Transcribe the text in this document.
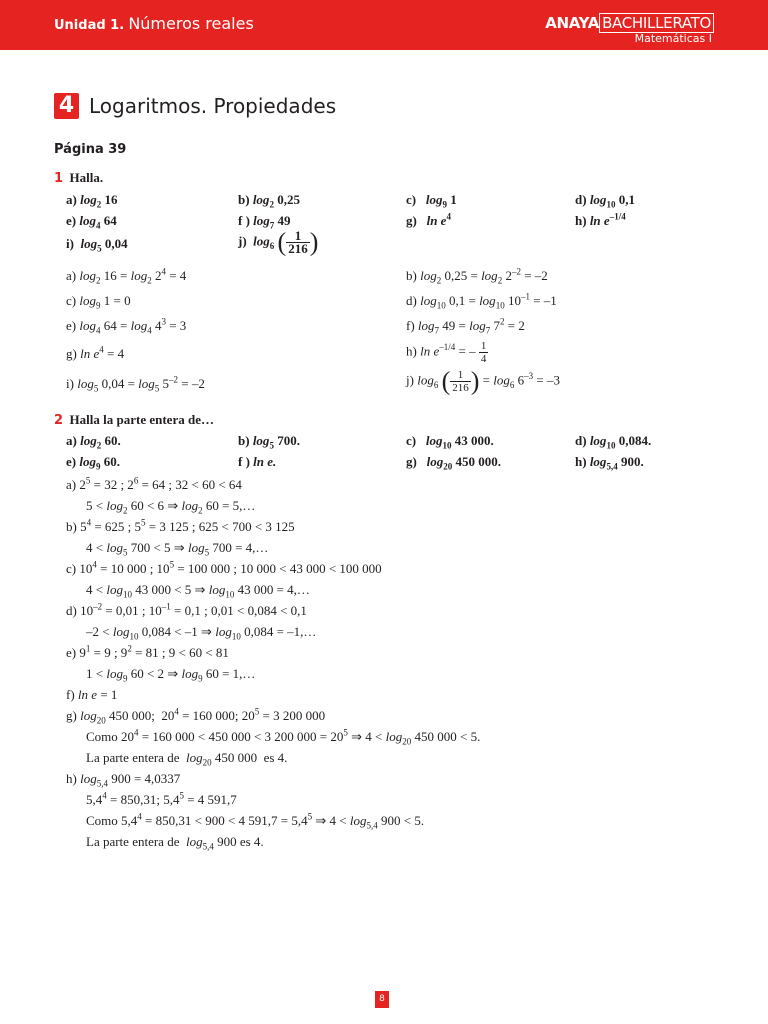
Unidad 1. Números reales	ANAYA BACHILLERATO
Matemáticas I
4 Logaritmos. Propiedades
Página 39
1 Halla.
a) $\log_2 16$	b) $\log_2 0,25$	c)   $\log_9 1$	d) $\log_{10} 0,1$
e) $\log_4 64$	f ) $\log_7 49$	g)   $\ln e^4$	h) $\ln e^{-1/4}$
i)  $\log_5 0,04$	j)  $\log_6$ ( $\frac{1}{216}$ )
a) $\log_2 16 = \log_2 2^4 = 4$	b) $\log_2 0,25 = \log_2 2^{-2} = -2$
c) $\log_9 1 = 0$	d) $\log_{10} 0,1 = \log_{10} 10^{-1} = -1$
e) $\log_4 64 = \log_4 4^3 = 3$	f) $\log_7 49 = \log_7 7^2 = 2$
g) $\ln e^4 = 4$	h) $\ln e^{-1/4}$ = – $\frac{1}{4}$
i) $\log_5 0,04 = \log_5 5^{-2} = -2$	j) $\log_6$ ( $\frac{1}{216}$ ) = $\log_6 6^{-3} = -3$
2 Halla la parte entera de…
a) $\log_2 60$.	b) $\log_5 700$.	c)   $\log_{10} 43$ 000.	d) $\log_{10} 0,084$.
e) $\log_9 60$.	f ) ln e.	g)   $\log_{20} 450$ 000.	h) $\log_{5,4} 900$.
a) $2^5 = 32$ ; $2^6 = 64$ ; 32 < 60 < 64
$5 < \log_2 60 < 6$ ⇒ $\log_2 60$ = 5,…
b) $5^4 = 625$ ; $5^5 = 3$ 125 ; 625 < 700 < 3 125
$4 < \log_5 700 < 5$ ⇒ $\log_5 700$ = 4,…
c) $10^4 = 10$ 000 ; $10^5 = 100$ 000 ; 10 000 < 43 000 < 100 000
$4 < \log_{10} 43$ 000 < 5 ⇒ $\log_{10} 43$ 000 = 4,…
d) $10^{-2} = 0,01$ ; $10^{-1} = 0,1$ ; 0,01 < 0,084 < 0,1
$-2 < \log_{10} 0,084 < -1$ ⇒ $\log_{10} 0,084$ = –1,…
e) $9^1 = 9$ ; $9^2 = 81$ ; 9 < 60 < 81
$1 < \log_9 60 < 2$ ⇒ $\log_9 60$ = 1,…
f) ln e = 1
g) $\log_{20} 450$ 000;  $20^4 = 160$ 000; $20^5 = 3$ 200 000
Como $20^4 = 160$ 000 < 450 000 < 3 200 $000 = 20^5$ ⇒ $4 < \log_{20} 450$ 000 < 5.
La parte entera de  $\log_{20} 450$ 000  es 4.
h) $\log_{5,4} 900 = 4,0337$
$5,4^4 = 850,31$; $5,4^5 = 4$ 591,7
Como $5,4^4 = 850,31 < 900 < 4$ $591,7 = 5,4^5$ ⇒ $4 < \log_{5,4} 900 < 5$.
La parte entera de  $\log_{5,4} 900$ es 4.
8
